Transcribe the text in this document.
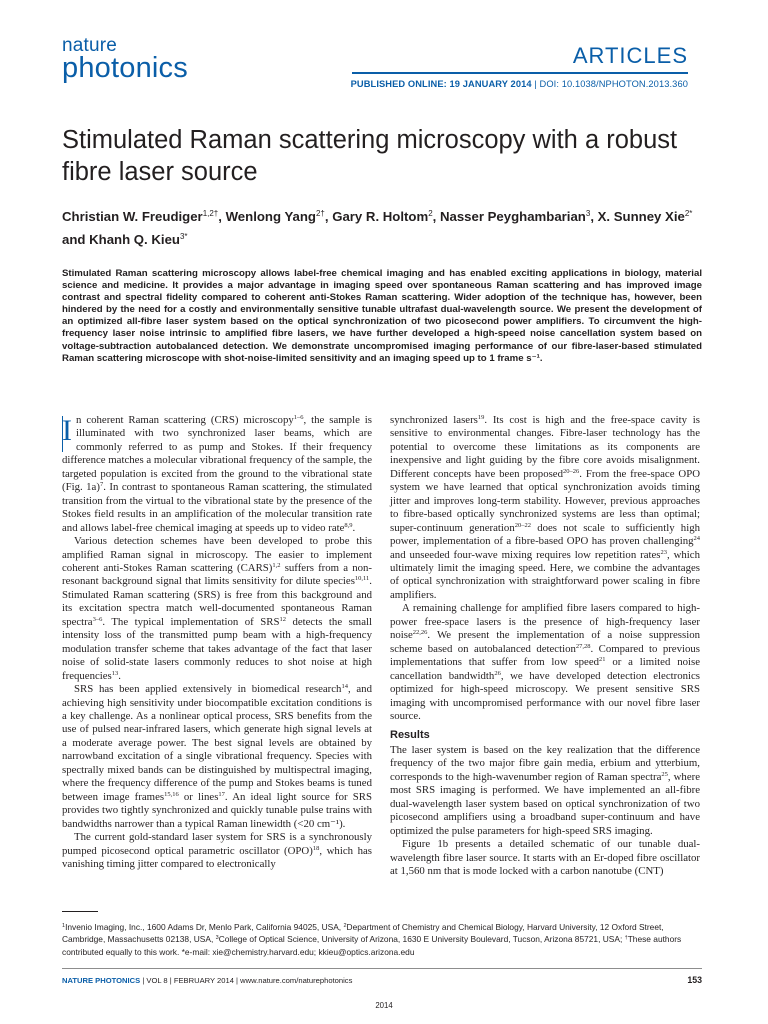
nature
photonics	ARTICLES
PUBLISHED ONLINE: 19 JANUARY 2014 | DOI: 10.1038/NPHOTON.2013.360
Stimulated Raman scattering microscopy with a robust fibre laser source
Christian W. Freudiger$^{1,2\dagger}$, Wenlong Yang$^{2\dagger}$, Gary R. Holtom$^2$, Nasser Peyghambarian$^3$, X. Sunney Xie$^{2*}$ and Khanh Q. Kieu$^{3*}$

Stimulated Raman scattering microscopy allows label-free chemical imaging and has enabled exciting applications in biology, material science and medicine. It provides a major advantage in imaging speed over spontaneous Raman scattering and has improved image contrast and spectral fidelity compared to coherent anti-Stokes Raman scattering. Wider adoption of the technique has, however, been hindered by the need for a costly and environmentally sensitive tunable ultrafast dual-wavelength source. We present the development of an optimized all-fibre laser system based on the optical synchronization of two picosecond power amplifiers. To circumvent the high-frequency laser noise intrinsic to amplified fibre lasers, we have further developed a high-speed noise cancellation system based on voltage-subtraction autobalanced detection. We demonstrate uncompromised imaging performance of our fibre-laser-based stimulated Raman scattering microscope with shot-noise-limited sensitivity and an imaging speed up to 1 frame s⁻¹.

I n coherent Raman scattering (CRS) microscopy$^{1-6}$, the sample is illuminated with two synchronized laser beams, which are commonly referred to as pump and Stokes. If their frequency difference matches a molecular vibrational frequency of the sample, the targeted population is excited from the ground to the vibrational state (Fig. 1a)$^7$. In contrast to spontaneous Raman scattering, the stimulated transition from the virtual to the vibrational state by the presence of the Stokes field results in an amplification of the molecular transition rate and allows label-free chemical imaging at speeds up to video rate$^{8,9}$.

Various detection schemes have been developed to probe this amplified Raman signal in microscopy. The easier to implement coherent anti-Stokes Raman scattering (CARS)$^{1,2}$ suffers from a non-resonant background signal that limits sensitivity for dilute species$^{10,11}$. Stimulated Raman scattering (SRS) is free from this background and its excitation spectra match well-documented spontaneous Raman spectra$^{3-6}$. The typical implementation of SRS$^{12}$ detects the small intensity loss of the transmitted pump beam with a high-frequency modulation transfer scheme that takes advantage of the fact that laser noise of solid-state lasers commonly reduces to shot noise at high frequencies$^{13}$.

SRS has been applied extensively in biomedical research$^{14}$, and achieving high sensitivity under biocompatible excitation conditions is a key challenge. As a nonlinear optical process, SRS benefits from the use of pulsed near-infrared lasers, which generate high signal levels at a moderate average power. The best signal levels are obtained by narrowband excitation of a single vibrational frequency. Species with spectrally mixed bands can be distinguished by multispectral imaging, where the frequency difference of the pump and Stokes beams is tuned between image frames$^{15,16}$ or lines$^{17}$. An ideal light source for SRS provides two tightly synchronized and quickly tunable pulse trains with bandwidths narrower than a typical Raman linewidth (<20 cm⁻¹).

The current gold-standard laser system for SRS is a synchronously pumped picosecond optical parametric oscillator (OPO)$^{18}$, which has vanishing timing jitter compared to electronically

synchronized lasers$^{19}$. Its cost is high and the free-space cavity is sensitive to environmental changes. Fibre-laser technology has the potential to overcome these limitations as its components are inexpensive and light guiding by the fibre core avoids misalignment. Different concepts have been proposed$^{20-26}$. From the free-space OPO system we have learned that optical synchronization avoids timing jitter and improves long-term stability. However, previous approaches to fibre-based optically synchronized systems are less than optimal; super-continuum generation$^{20-22}$ does not scale to sufficiently high power, implementation of a fibre-based OPO has proven challenging$^{24}$ and unseeded four-wave mixing requires low repetition rates$^{23}$, which ultimately limit the imaging speed. Here, we combine the advantages of optical synchronization with straightforward power scaling in fibre amplifiers.

A remaining challenge for amplified fibre lasers compared to high-power free-space lasers is the presence of high-frequency laser noise$^{22,26}$. We present the implementation of a noise suppression scheme based on autobalanced detection$^{27,28}$. Compared to previous implementations that suffer from low speed$^{21}$ or a limited noise cancellation bandwidth$^{26}$, we have developed detection electronics optimized for high-speed microscopy. We present sensitive SRS imaging with uncompromised performance with our novel fibre laser source.

Results

The laser system is based on the key realization that the difference frequency of the two major fibre gain media, erbium and ytterbium, corresponds to the high-wavenumber region of Raman spectra$^{25}$, where most SRS imaging is performed. We have implemented an all-fibre dual-wavelength laser system based on optical synchronization of two picosecond amplifiers using a broadband super-continuum and have optimized the pulse parameters for high-speed SRS imaging.

Figure 1b presents a detailed schematic of our tunable dual-wavelength fibre laser source. It starts with an Er-doped fibre oscillator at 1,560 nm that is mode locked with a carbon nanotube (CNT)

$^1$Invenio Imaging, Inc., 1600 Adams Dr, Menlo Park, California 94025, USA, $^2$Department of Chemistry and Chemical Biology, Harvard University, 12 Oxford Street, Cambridge, Massachusetts 02138, USA, $^3$College of Optical Science, University of Arizona, 1630 E University Boulevard, Tucson, Arizona 85721, USA; †These authors contributed equally to this work. *e-mail: xie@chemistry.harvard.edu; kkieu@optics.arizona.edu

NATURE PHOTONICS | VOL 8 | FEBRUARY 2014 | www.nature.com/naturephotonics	153
2014
